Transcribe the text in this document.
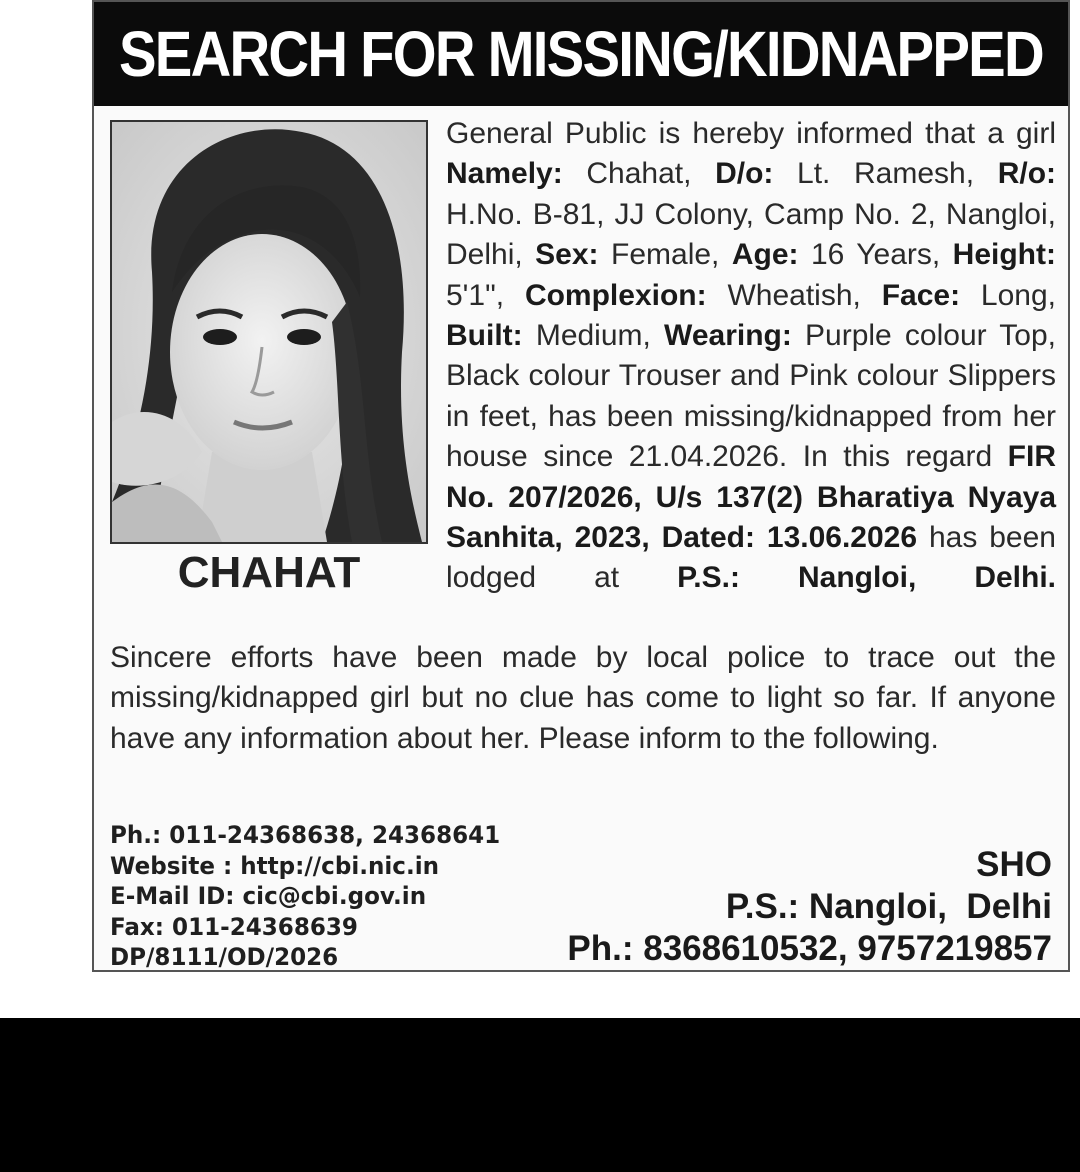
SEARCH FOR MISSING/KIDNAPPED
CHAHAT
General Public is hereby informed that a girl Namely: Chahat, D/o: Lt. Ramesh, R/o: H.No. B-81, JJ Colony, Camp No. 2, Nangloi, Delhi, Sex: Female, Age: 16 Years, Height: 5'1", Complexion: Wheatish, Face: Long, Built: Medium, Wearing: Purple colour Top, Black colour Trouser and Pink colour Slippers in feet, has been missing/kidnapped from her house since 21.04.2026. In this regard FIR No. 207/2026, U/s 137(2) Bharatiya Nyaya Sanhita, 2023, Dated: 13.06.2026 has been lodged at P.S.: Nangloi, Delhi.
Sincere efforts have been made by local police to trace out the missing/kidnapped girl but no clue has come to light so far. If anyone have any information about her. Please inform to the following.
Ph.: 011-24368638, 24368641
Website : http://cbi.nic.in
E-Mail ID: cic@cbi.gov.in
Fax: 011-24368639
DP/8111/OD/2026
SHO
P.S.: Nangloi,  Delhi
Ph.: 8368610532, 9757219857
